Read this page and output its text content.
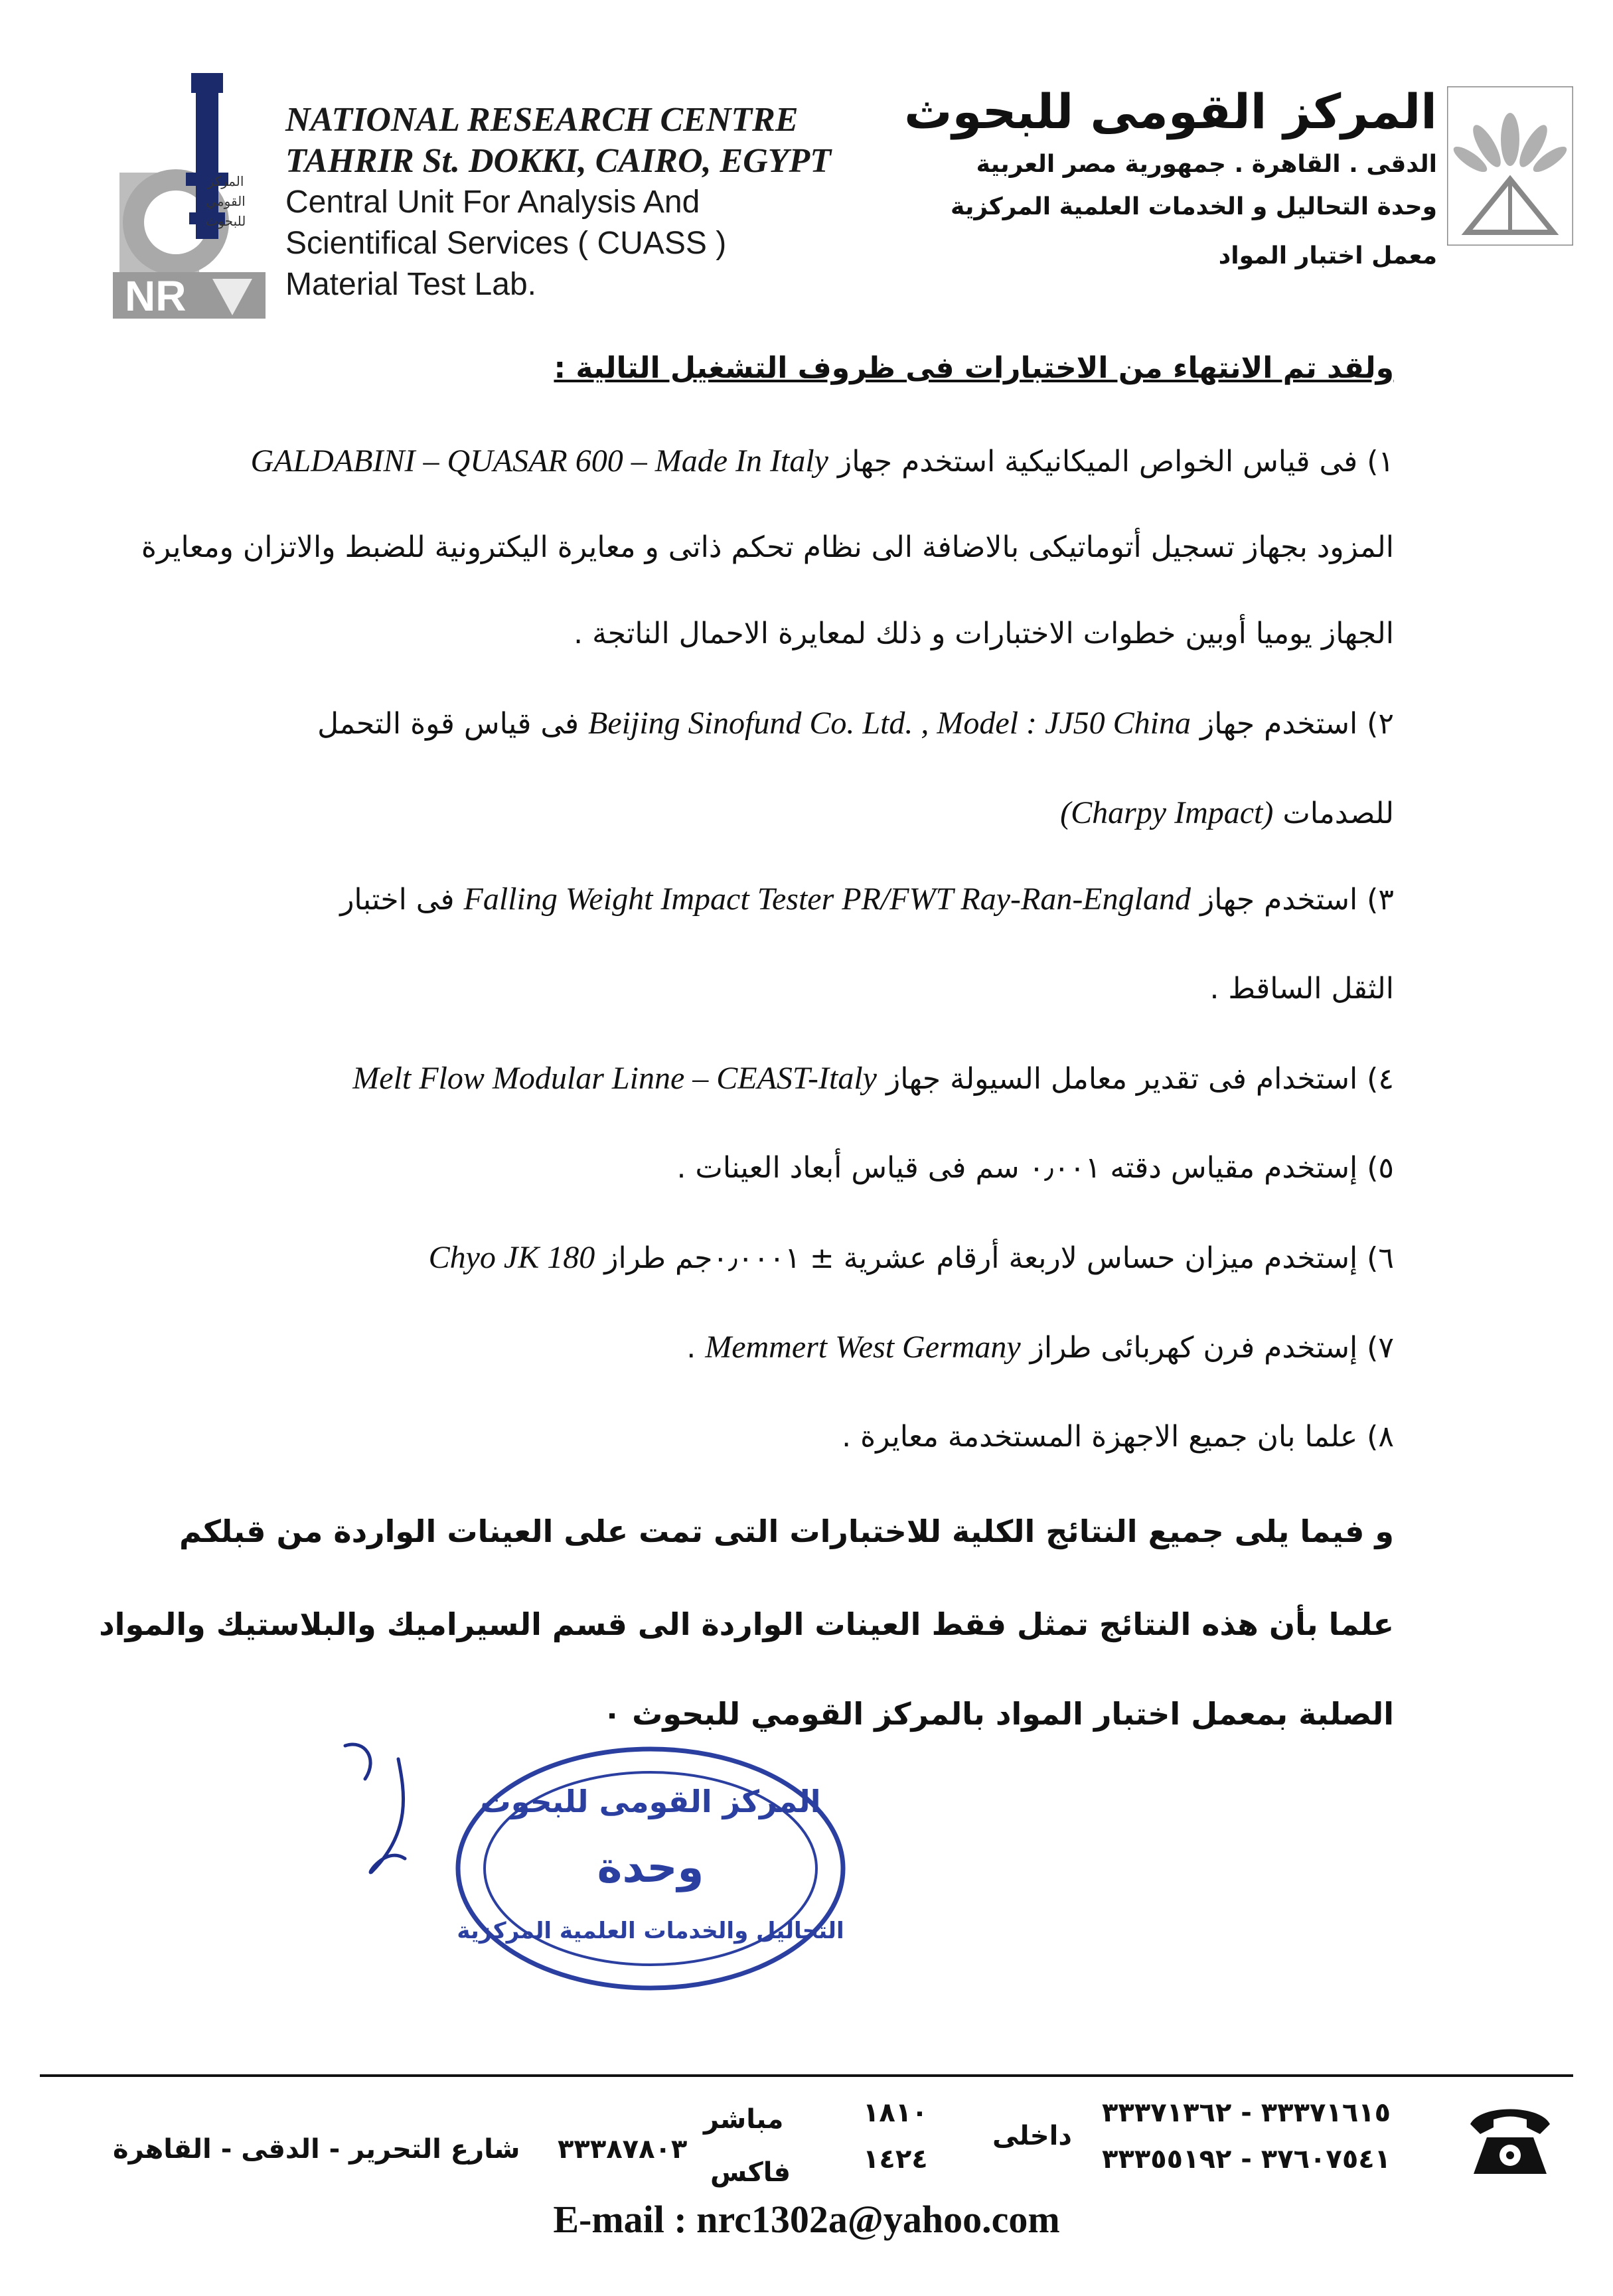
NR
المركز
القومي
للبحوث
NATIONAL RESEARCH CENTRE
TAHRIR St. DOKKI, CAIRO, EGYPT
Central Unit For Analysis And
Scientifical Services ( CUASS )
Material Test Lab.
المركز القومى للبحوث
الدقى . القاهرة . جمهورية مصر العربية
وحدة التحاليل و الخدمات العلمية المركزية
معمل اختبار المواد
ولقد تم الانتهاء من الاختبارات فى ظروف التشغيل التالية :
١) فى قياس الخواص الميكانيكية استخدم جهاز GALDABINI – QUASAR 600 – Made In Italy
المزود بجهاز تسجيل أتوماتيكى بالاضافة الى نظام تحكم ذاتى و معايرة اليكترونية للضبط والاتزان ومعايرة
الجهاز يوميا أوبين خطوات الاختبارات و ذلك لمعايرة الاحمال الناتجة .
٢) استخدم جهاز Beijing Sinofund Co. Ltd. , Model : JJ50 China فى قياس قوة التحمل
للصدمات (Charpy Impact)
٣) استخدم جهاز Falling Weight Impact Tester PR/FWT Ray-Ran-England فى اختبار
الثقل الساقط .
٤) استخدام فى تقدير معامل السيولة جهاز Melt Flow Modular Linne – CEAST-Italy
٥) إستخدم مقياس دقته ٠٫٠٠١ سم فى قياس أبعاد العينات .
٦) إستخدم ميزان حساس لاربعة أرقام عشرية ± ٠٫٠٠٠١جم طراز Chyo JK 180
٧) إستخدم فرن كهربائى طراز Memmert West Germany .
٨) علما بان جميع الاجهزة المستخدمة معايرة .
و فيما يلى جميع النتائج الكلية للاختبارات التى تمت على العينات الواردة من قبلكم
علما بأن هذه النتائج تمثل فقط العينات الواردة الى قسم السيراميك والبلاستيك والمواد
الصلبة بمعمل اختبار المواد بالمركز القومي للبحوث ٠
المركز القومى للبحوث
وحدة
التحاليل والخدمات العلمية المركزية
شارع التحرير - الدقى - القاهرة
مباشر
فاكس
٣٣٣٨٧٨٠٣	داخلى
١٨١٠
١٤٢٤
٣٣٣٧١٦١٥ - ٣٣٣٧١٣٦٢
٣٧٦٠٧٥٤١ - ٣٣٣٥٥١٩٢
E-mail : nrc1302a@yahoo.com
